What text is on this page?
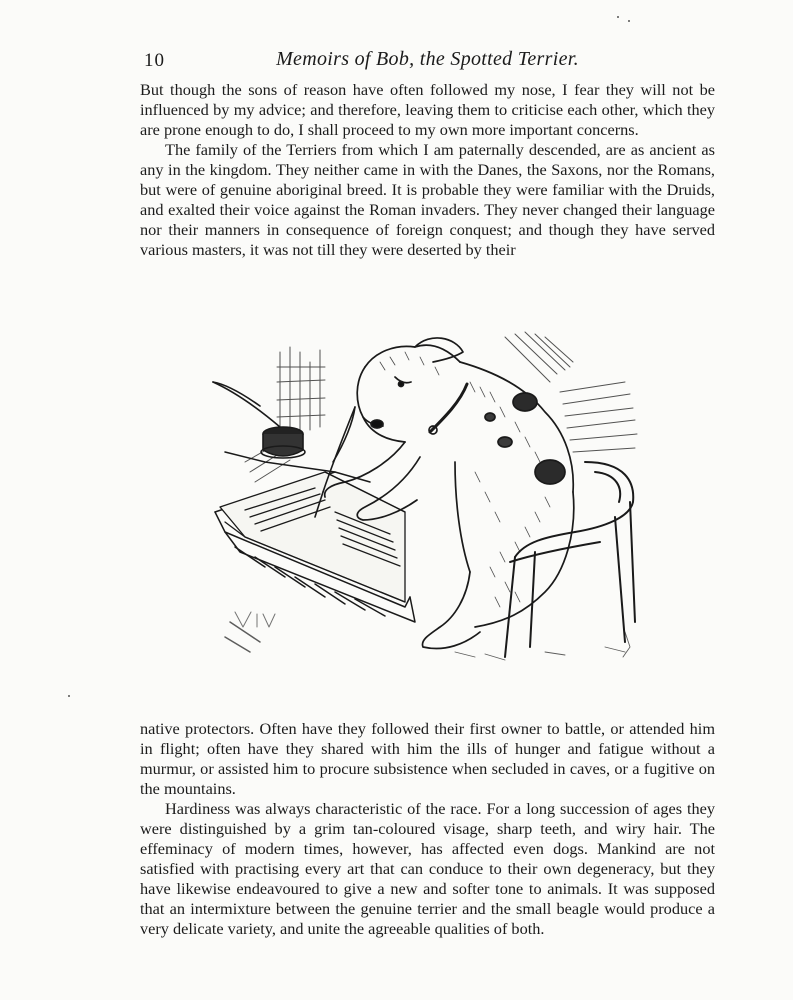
10	Memoirs of Bob, the Spotted Terrier.

But though the sons of reason have often followed my nose, I fear they will not be influenced by my advice; and therefore, leaving them to criticise each other, which they are prone enough to do, I shall proceed to my own more important concerns.

The family of the Terriers from which I am paternally descended, are as ancient as any in the kingdom. They neither came in with the Danes, the Saxons, nor the Romans, but were of genuine aboriginal breed. It is probable they were familiar with the Druids, and exalted their voice against the Roman invaders. They never changed their language nor their manners in consequence of foreign conquest; and though they have served various masters, it was not till they were deserted by their

native protectors. Often have they followed their first owner to battle, or attended him in flight; often have they shared with him the ills of hunger and fatigue without a murmur, or assisted him to procure subsistence when secluded in caves, or a fugitive on the mountains.

Hardiness was always characteristic of the race. For a long succession of ages they were distinguished by a grim tan-coloured visage, sharp teeth, and wiry hair. The effeminacy of modern times, however, has affected even dogs. Mankind are not satisfied with practising every art that can conduce to their own degeneracy, but they have likewise endeavoured to give a new and softer tone to animals. It was supposed that an intermixture between the genuine terrier and the small beagle would produce a very delicate variety, and unite the agreeable qualities of both.
